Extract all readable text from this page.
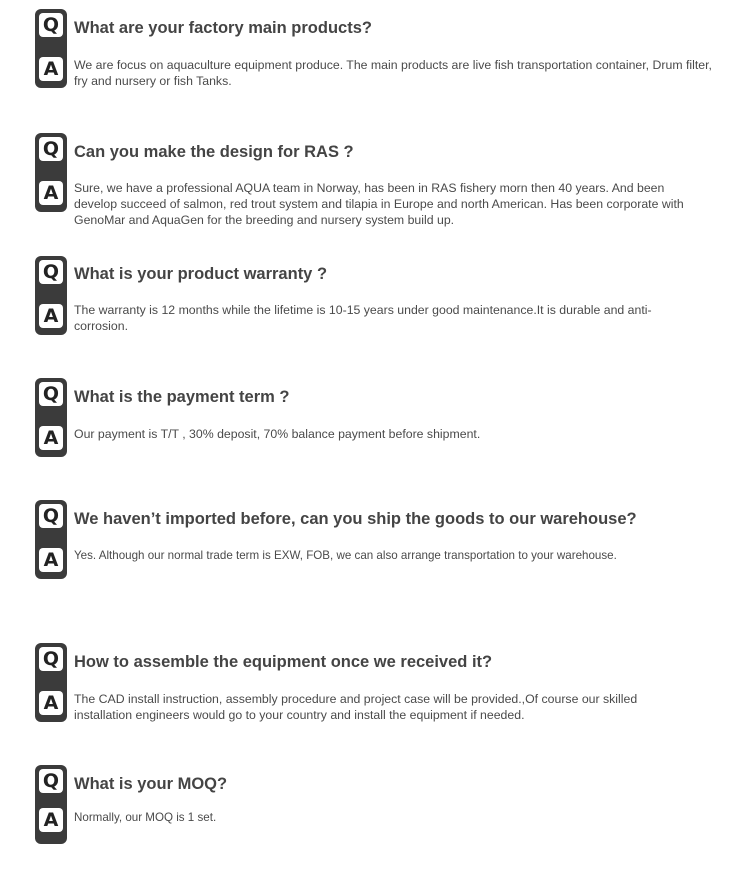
Q
A
What are your factory main products?

We are focus on aquaculture equipment produce. The main products are live fish transportation container, Drum filter, fry and nursery or fish Tanks.

Q
A
Can you make the design for RAS ?

Sure, we have a professional AQUA team in Norway, has been in RAS fishery morn then 40 years. And been develop succeed of salmon, red trout system and tilapia in Europe and north American. Has been corporate with GenoMar and AquaGen for the breeding and nursery system build up.

Q
A
What is your product warranty ?

The warranty is 12 months while the lifetime is 10-15 years under good maintenance.It is durable and anti-corrosion.

Q
A
What is the payment term ?

Our payment is T/T , 30% deposit, 70% balance payment before shipment.

Q
A
We haven’t imported before, can you ship the goods to our warehouse?

Yes. Although our normal trade term is EXW, FOB, we can also arrange transportation to your warehouse.

Q
A
How to assemble the equipment once we received it?

The CAD install instruction, assembly procedure and project case will be provided.,Of course our skilled installation engineers would go to your country and install the equipment if needed.

Q
A
What is your MOQ?

Normally, our MOQ is 1 set.
